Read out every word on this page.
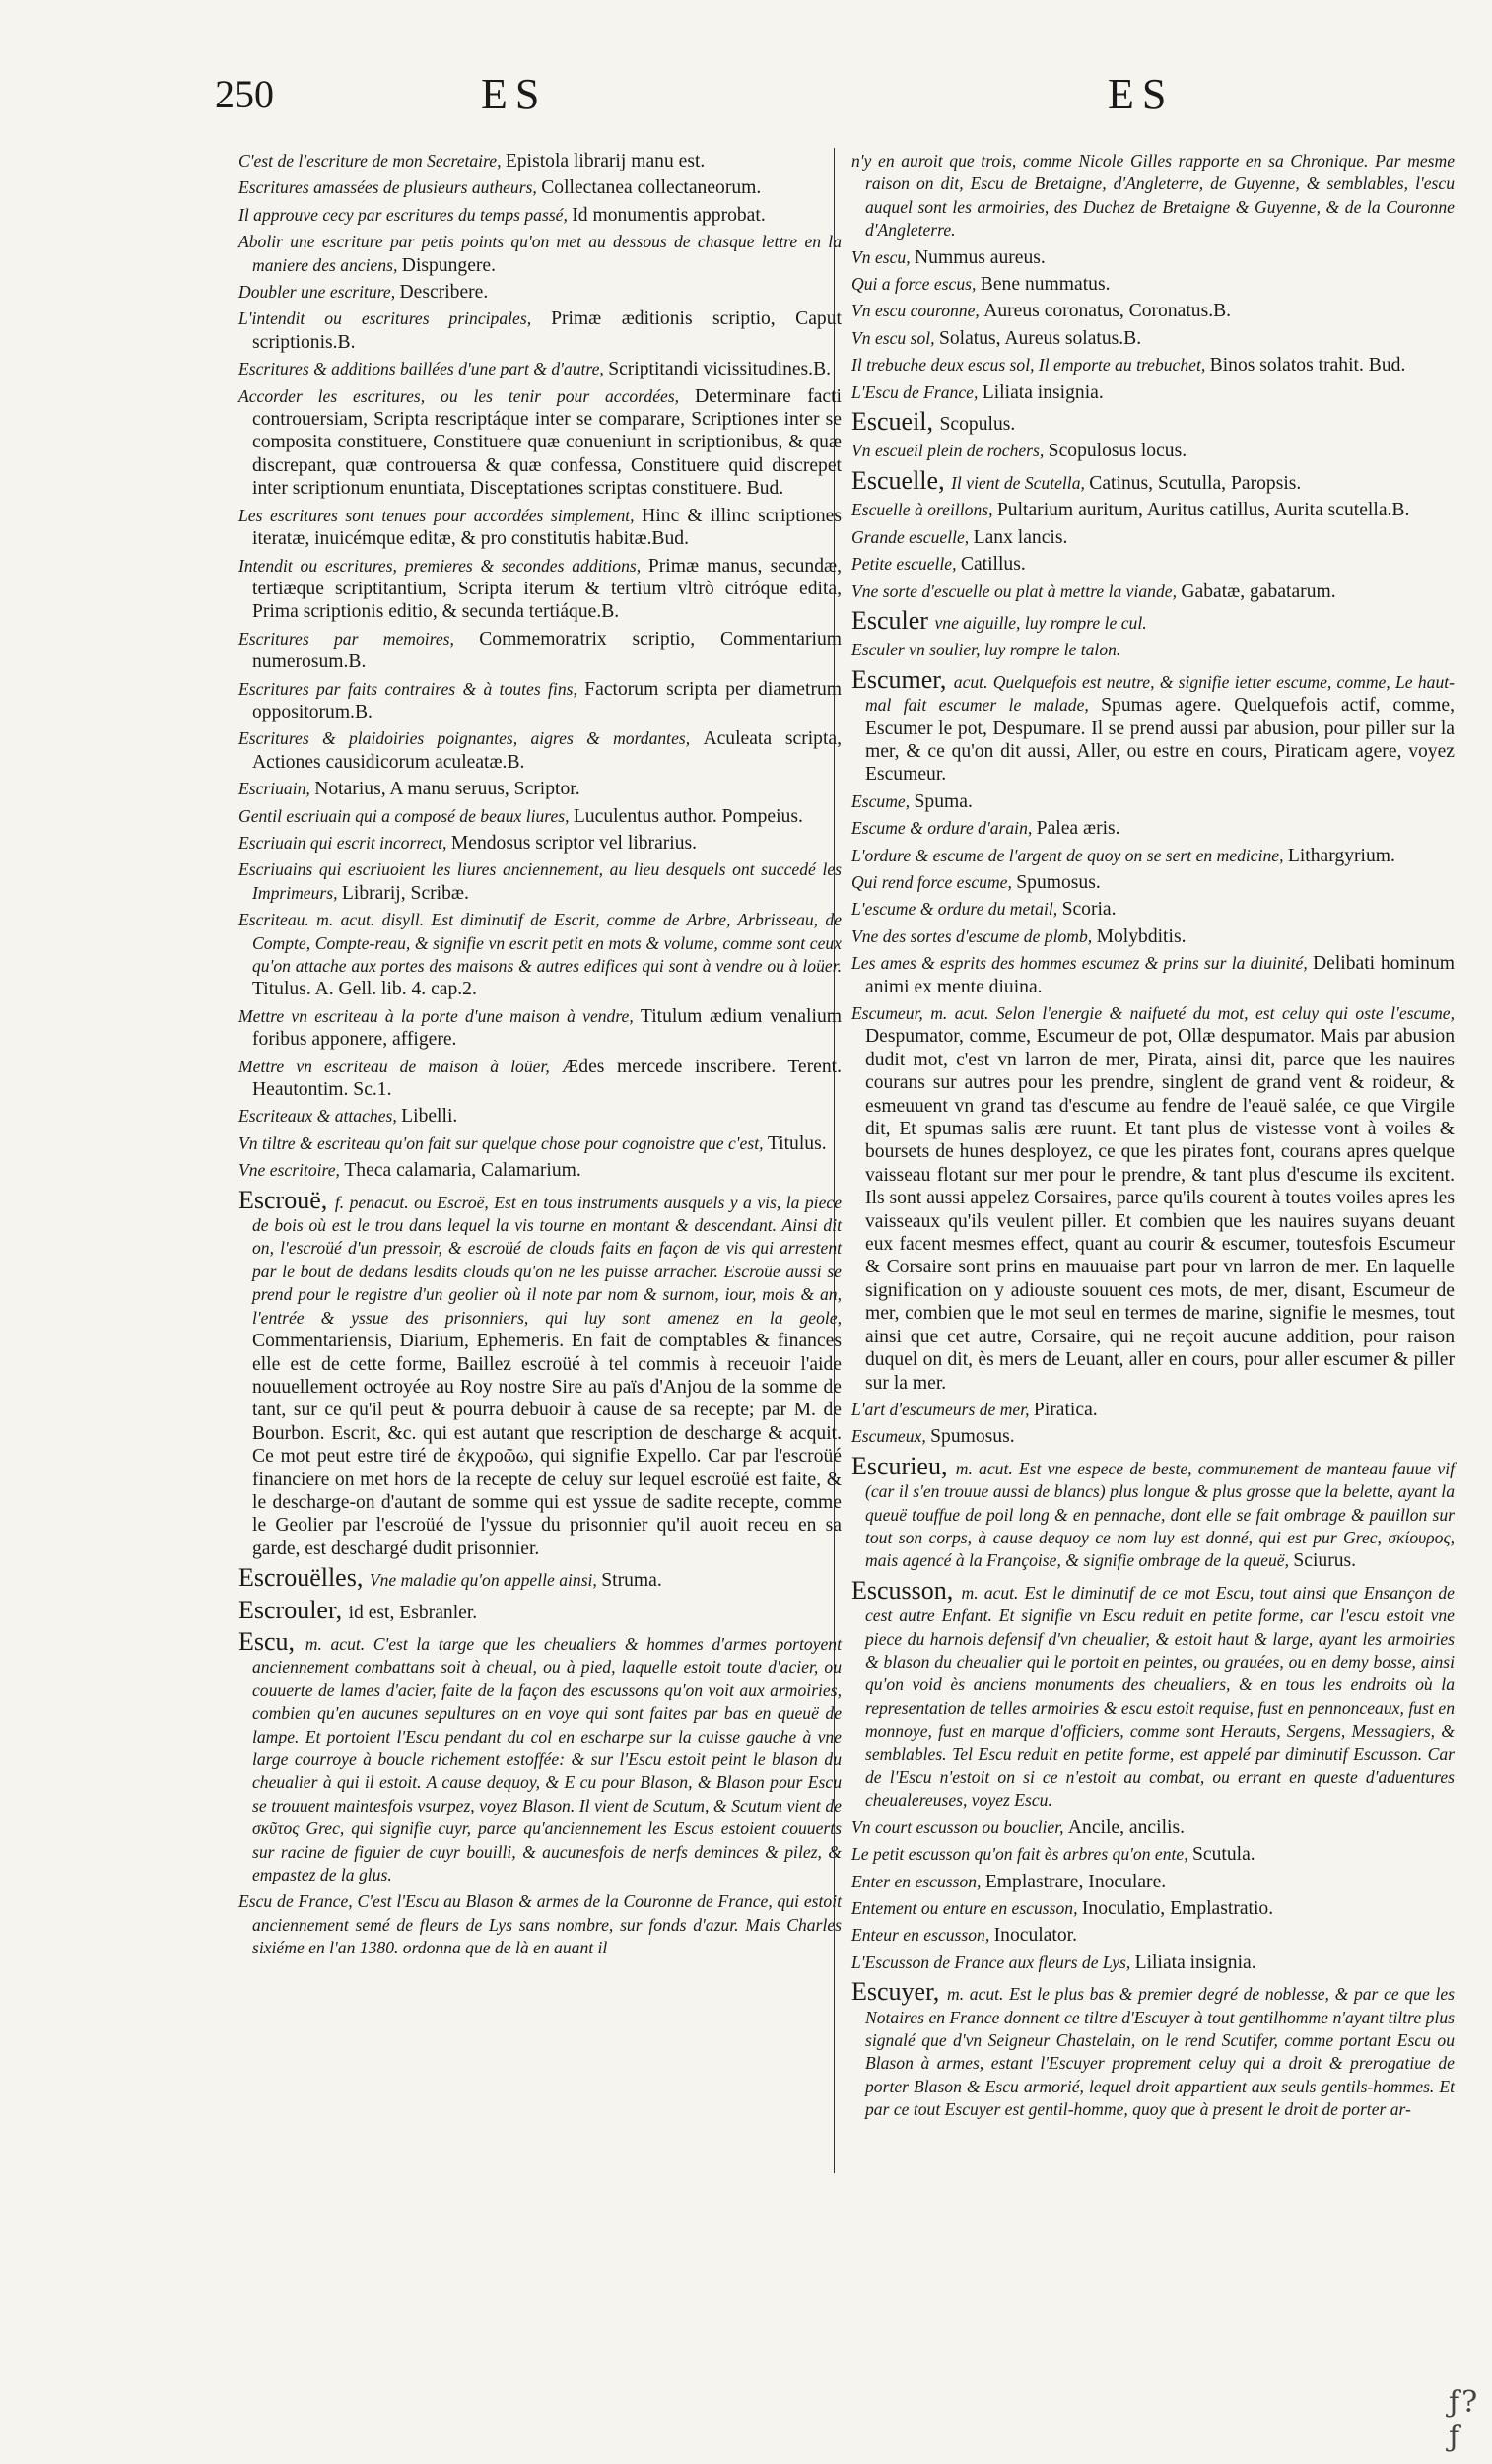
250	ES	ES

C'est de l'escriture de mon Secretaire, Epistola librarij manu est.

Escritures amassées de plusieurs autheurs, Collectanea collectaneorum.

Il approuve cecy par escritures du temps passé, Id monumentis approbat.

Abolir une escriture par petis points qu'on met au dessous de chasque lettre en la maniere des anciens, Dispungere.

Doubler une escriture, Describere.

L'intendit ou escritures principales, Primæ æditionis scriptio, Caput scriptionis.B.

Escritures & additions baillées d'une part & d'autre, Scriptitandi vicissitudines.B.

Accorder les escritures, ou les tenir pour accordées, Determinare facti controuersiam, Scripta rescriptáque inter se comparare, Scriptiones inter se composita constituere, Constituere quæ conueniunt in scriptionibus, & quæ discrepant, quæ controuersa & quæ confessa, Constituere quid discrepet inter scriptionum enuntiata, Disceptationes scriptas constituere. Bud.

Les escritures sont tenues pour accordées simplement, Hinc & illinc scriptiones iteratæ, inuicémque editæ, & pro constitutis habitæ.Bud.

Intendit ou escritures, premieres & secondes additions, Primæ manus, secundæ, tertiæque scriptitantium, Scripta iterum & tertium vltrò citróque edita, Prima scriptionis editio, & secunda tertiáque.B.

Escritures par memoires, Commemoratrix scriptio, Commentarium numerosum.B.

Escritures par faits contraires & à toutes fins, Factorum scripta per diametrum oppositorum.B.

Escritures & plaidoiries poignantes, aigres & mordantes, Aculeata scripta, Actiones causidicorum aculeatæ.B.

Escriuain, Notarius, A manu seruus, Scriptor.

Gentil escriuain qui a composé de beaux liures, Luculentus author. Pompeius.

Escriuain qui escrit incorrect, Mendosus scriptor vel librarius.

Escriuains qui escriuoient les liures anciennement, au lieu desquels ont succedé les Imprimeurs, Librarij, Scribæ.

Escriteau. m. acut. disyll. Est diminutif de Escrit, comme de Arbre, Arbrisseau, de Compte, Compte-reau, & signifie vn escrit petit en mots & volume, comme sont ceux qu'on attache aux portes des maisons & autres edifices qui sont à vendre ou à loüer. Titulus. A. Gell. lib. 4. cap.2.

Mettre vn escriteau à la porte d'une maison à vendre, Titulum ædium venalium foribus apponere, affigere.

Mettre vn escriteau de maison à loüer, Ædes mercede inscribere. Terent. Heautontim. Sc.1.

Escriteaux & attaches, Libelli.

Vn tiltre & escriteau qu'on fait sur quelque chose pour cognoistre que c'est, Titulus.

Vne escritoire, Theca calamaria, Calamarium.

Escrouë, f. penacut. ou Escroë, Est en tous instruments ausquels y a vis, la piece de bois où est le trou dans lequel la vis tourne en montant & descendant. Ainsi dit on, l'escroüé d'un pressoir, & escroüé de clouds faits en façon de vis qui arrestent par le bout de dedans lesdits clouds qu'on ne les puisse arracher. Escroüe aussi se prend pour le registre d'un geolier où il note par nom & surnom, iour, mois & an, l'entrée & yssue des prisonniers, qui luy sont amenez en la geole, Commentariensis, Diarium, Ephemeris. En fait de comptables & finances elle est de cette forme, Baillez escroüé à tel commis à receuoir l'aide nouuellement octroyée au Roy nostre Sire au païs d'Anjou de la somme de tant, sur ce qu'il peut & pourra debuoir à cause de sa recepte; par M. de Bourbon. Escrit, &c. qui est autant que rescription de descharge & acquit. Ce mot peut estre tiré de ἐκχροῶω, qui signifie Expello. Car par l'escroüé financiere on met hors de la recepte de celuy sur lequel escroüé est faite, & le descharge-on d'autant de somme qui est yssue de sadite recepte, comme le Geolier par l'escroüé de l'yssue du prisonnier qu'il auoit receu en sa garde, est deschargé dudit prisonnier.

Escrouëlles, Vne maladie qu'on appelle ainsi, Struma.

Escrouler, id est, Esbranler.

Escu, m. acut. C'est la targe que les cheualiers & hommes d'armes portoyent anciennement combattans soit à cheual, ou à pied, laquelle estoit toute d'acier, ou couuerte de lames d'acier, faite de la façon des escussons qu'on voit aux armoiries, combien qu'en aucunes sepultures on en voye qui sont faites par bas en queuë de lampe. Et portoient l'Escu pendant du col en escharpe sur la cuisse gauche à vne large courroye à boucle richement estoffée: & sur l'Escu estoit peint le blason du cheualier à qui il estoit. A cause dequoy, & E cu pour Blason, & Blason pour Escu se trouuent maintesfois vsurpez, voyez Blason. Il vient de Scutum, & Scutum vient de σκῦτος Grec, qui signifie cuyr, parce qu'anciennement les Escus estoient couuerts sur racine de figuier de cuyr bouilli, & aucunesfois de nerfs deminces & pilez, & empastez de la glus.

Escu de France, C'est l'Escu au Blason & armes de la Couronne de France, qui estoit anciennement semé de fleurs de Lys sans nombre, sur fonds d'azur. Mais Charles sixiéme en l'an 1380. ordonna que de là en auant il

n'y en auroit que trois, comme Nicole Gilles rapporte en sa Chronique. Par mesme raison on dit, Escu de Bretaigne, d'Angleterre, de Guyenne, & semblables, l'escu auquel sont les armoiries, des Duchez de Bretaigne & Guyenne, & de la Couronne d'Angleterre.

Vn escu, Nummus aureus.

Qui a force escus, Bene nummatus.

Vn escu couronne, Aureus coronatus, Coronatus.B.

Vn escu sol, Solatus, Aureus solatus.B.

Il trebuche deux escus sol, Il emporte au trebuchet, Binos solatos trahit. Bud.

L'Escu de France, Liliata insignia.

Escueil, Scopulus.

Vn escueil plein de rochers, Scopulosus locus.

Escuelle, Il vient de Scutella, Catinus, Scutulla, Paropsis.

Escuelle à oreillons, Pultarium auritum, Auritus catillus, Aurita scutella.B.

Grande escuelle, Lanx lancis.

Petite escuelle, Catillus.

Vne sorte d'escuelle ou plat à mettre la viande, Gabatæ, gabatarum.

Esculer vne aiguille, luy rompre le cul.

Esculer vn soulier, luy rompre le talon.

Escumer, acut. Quelquefois est neutre, & signifie ietter escume, comme, Le haut-mal fait escumer le malade, Spumas agere. Quelquefois actif, comme, Escumer le pot, Despumare. Il se prend aussi par abusion, pour piller sur la mer, & ce qu'on dit aussi, Aller, ou estre en cours, Piraticam agere, voyez Escumeur.

Escume, Spuma.

Escume & ordure d'arain, Palea æris.

L'ordure & escume de l'argent de quoy on se sert en medicine, Lithargyrium.

Qui rend force escume, Spumosus.

L'escume & ordure du metail, Scoria.

Vne des sortes d'escume de plomb, Molybditis.

Les ames & esprits des hommes escumez & prins sur la diuinité, Delibati hominum animi ex mente diuina.

Escumeur, m. acut. Selon l'energie & naifueté du mot, est celuy qui oste l'escume, Despumator, comme, Escumeur de pot, Ollæ despumator. Mais par abusion dudit mot, c'est vn larron de mer, Pirata, ainsi dit, parce que les nauires courans sur autres pour les prendre, singlent de grand vent & roideur, & esmeuuent vn grand tas d'escume au fendre de l'eauë salée, ce que Virgile dit, Et spumas salis ære ruunt. Et tant plus de vistesse vont à voiles & boursets de hunes desployez, ce que les pirates font, courans apres quelque vaisseau flotant sur mer pour le prendre, & tant plus d'escume ils excitent. Ils sont aussi appelez Corsaires, parce qu'ils courent à toutes voiles apres les vaisseaux qu'ils veulent piller. Et combien que les nauires suyans deuant eux facent mesmes effect, quant au courir & escumer, toutesfois Escumeur & Corsaire sont prins en mauuaise part pour vn larron de mer. En laquelle signification on y adiouste souuent ces mots, de mer, disant, Escumeur de mer, combien que le mot seul en termes de marine, signifie le mesmes, tout ainsi que cet autre, Corsaire, qui ne reçoit aucune addition, pour raison duquel on dit, ès mers de Leuant, aller en cours, pour aller escumer & piller sur la mer.

L'art d'escumeurs de mer, Piratica.

Escumeux, Spumosus.

Escurieu, m. acut. Est vne espece de beste, communement de manteau fauue vif (car il s'en trouue aussi de blancs) plus longue & plus grosse que la belette, ayant la queuë touffue de poil long & en pennache, dont elle se fait ombrage & pauillon sur tout son corps, à cause dequoy ce nom luy est donné, qui est pur Grec, σκίουρος, mais agencé à la Françoise, & signifie ombrage de la queuë, Sciurus.

Escusson, m. acut. Est le diminutif de ce mot Escu, tout ainsi que Ensançon de cest autre Enfant. Et signifie vn Escu reduit en petite forme, car l'escu estoit vne piece du harnois defensif d'vn cheualier, & estoit haut & large, ayant les armoiries & blason du cheualier qui le portoit en peintes, ou grauées, ou en demy bosse, ainsi qu'on void ès anciens monuments des cheualiers, & en tous les endroits où la representation de telles armoiries & escu estoit requise, fust en pennonceaux, fust en monnoye, fust en marque d'officiers, comme sont Herauts, Sergens, Messagiers, & semblables. Tel Escu reduit en petite forme, est appelé par diminutif Escusson. Car de l'Escu n'estoit on si ce n'estoit au combat, ou errant en queste d'aduentures cheualereuses, voyez Escu.

Vn court escusson ou bouclier, Ancile, ancilis.

Le petit escusson qu'on fait ès arbres qu'on ente, Scutula.

Enter en escusson, Emplastrare, Inoculare.

Entement ou enture en escusson, Inoculatio, Emplastratio.

Enteur en escusson, Inoculator.

L'Escusson de France aux fleurs de Lys, Liliata insignia.

Escuyer, m. acut. Est le plus bas & premier degré de noblesse, & par ce que les Notaires en France donnent ce tiltre d'Escuyer à tout gentilhomme n'ayant tiltre plus signalé que d'vn Seigneur Chastelain, on le rend Scutifer, comme portant Escu ou Blason à armes, estant l'Escuyer proprement celuy qui a droit & prerogatiue de porter Blason & Escu armorié, lequel droit appartient aux seuls gentils-hommes. Et par ce tout Escuyer est gentil-homme, quoy que à present le droit de porter ar-

ƒ?ƒ
